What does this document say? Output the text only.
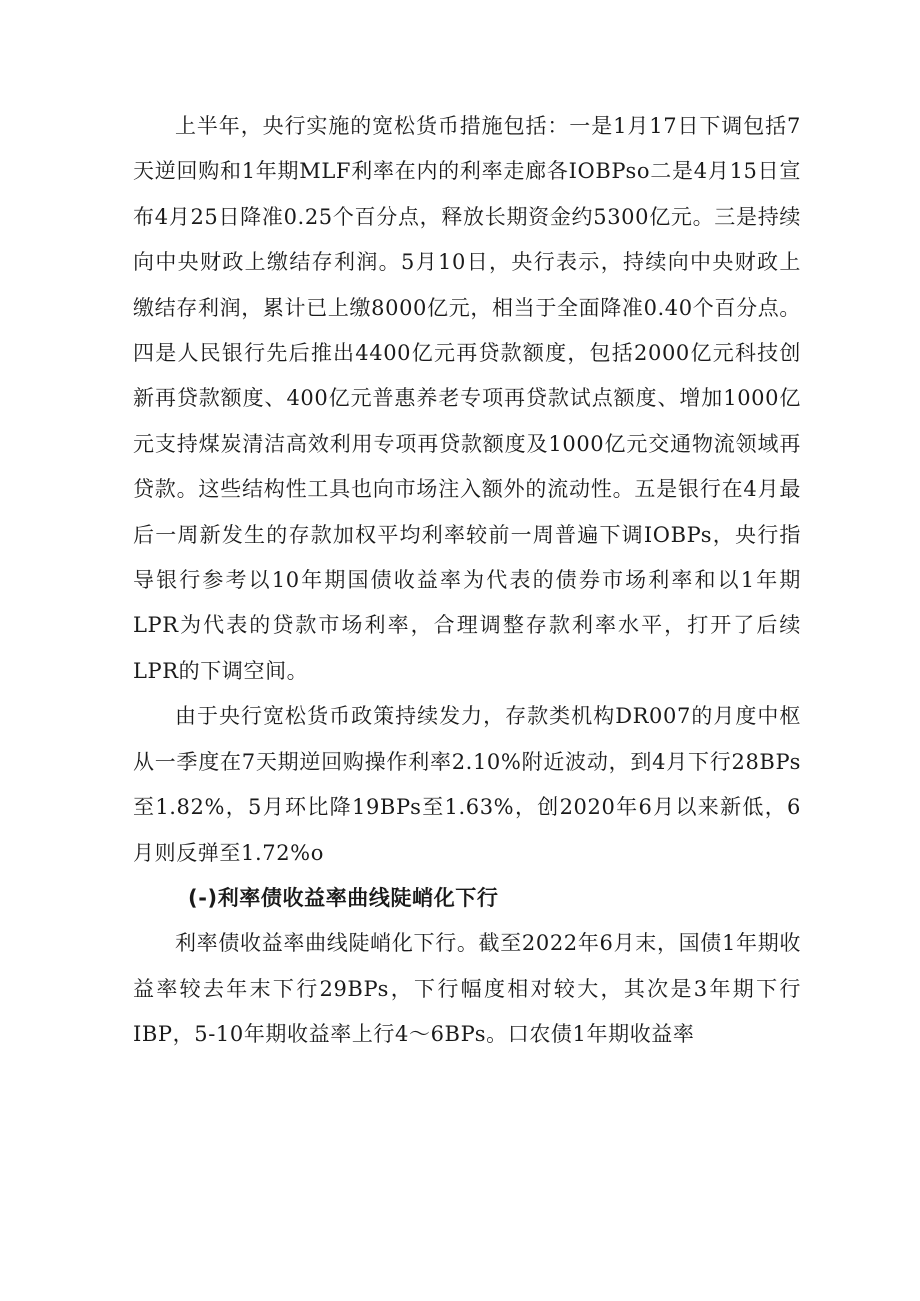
上半年，央行实施的宽松货币措施包括：一是1月17日下调包括7天逆回购和1年期MLF利率在内的利率走廊各IOBPso二是4月15日宣布4月25日降准0.25个百分点，释放长期资金约5300亿元。三是持续向中央财政上缴结存利润。5月10日，央行表示，持续向中央财政上缴结存利润，累计已上缴8000亿元，相当于全面降准0.40个百分点。四是人民银行先后推出4400亿元再贷款额度，包括2000亿元科技创新再贷款额度、400亿元普惠养老专项再贷款试点额度、增加1000亿元支持煤炭清洁高效利用专项再贷款额度及1000亿元交通物流领域再贷款。这些结构性工具也向市场注入额外的流动性。五是银行在4月最后一周新发生的存款加权平均利率较前一周普遍下调IOBPs，央行指导银行参考以10年期国债收益率为代表的债券市场利率和以1年期LPR为代表的贷款市场利率，合理调整存款利率水平，打开了后续LPR的下调空间。

由于央行宽松货币政策持续发力，存款类机构DR007的月度中枢从一季度在7天期逆回购操作利率2.10%附近波动，到4月下行28BPs至1.82%，5月环比降19BPs至1.63%，创2020年6月以来新低，6月则反弹至1.72%o

(-)利率债收益率曲线陡峭化下行

利率债收益率曲线陡峭化下行。截至2022年6月末，国债1年期收益率较去年末下行29BPs，下行幅度相对较大，其次是3年期下行IBP，5-10年期收益率上行4～6BPs。口农债1年期收益率
